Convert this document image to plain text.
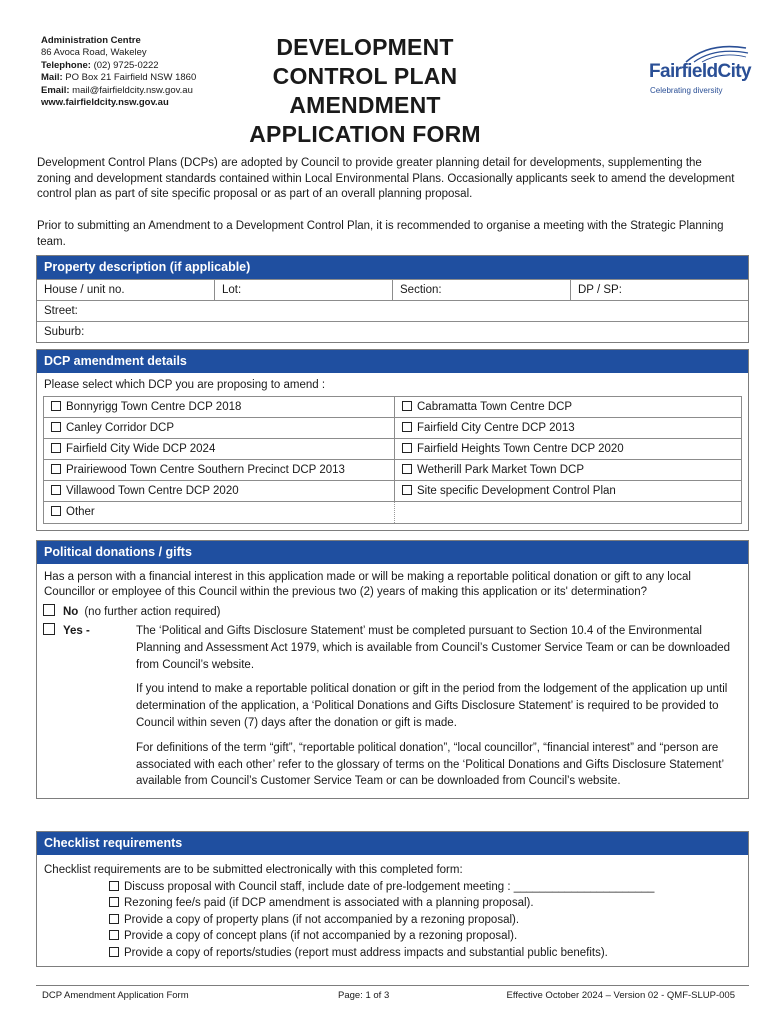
Administration Centre
86 Avoca Road, Wakeley
Telephone: (02) 9725-0222
Mail: PO Box 21 Fairfield NSW 1860
Email: mail@fairfieldcity.nsw.gov.au
www.fairfieldcity.nsw.gov.au
DEVELOPMENT
CONTROL PLAN
AMENDMENT
APPLICATION FORM
FairfieldCity
Celebrating diversity
Development Control Plans (DCPs) are adopted by Council to provide greater planning detail for developments, supplementing the zoning and development standards contained within Local Environmental Plans. Occasionally applicants seek to amend the development control plan as part of site specific proposal or as part of an overall planning proposal.
Prior to submitting an Amendment to a Development Control Plan, it is recommended to organise a meeting with the Strategic Planning team.
Property description (if applicable)
House / unit no.	Lot:	Section:	DP / SP:
Street:
Suburb:
DCP amendment details
Please select which DCP you are proposing to amend :
Bonnyrigg Town Centre DCP 2018	Cabramatta Town Centre DCP
Canley Corridor DCP	Fairfield City Centre DCP 2013
Fairfield City Wide DCP 2024	Fairfield Heights Town Centre DCP 2020
Prairiewood Town Centre Southern Precinct DCP 2013	Wetherill Park Market Town DCP
Villawood Town Centre DCP 2020	Site specific Development Control Plan
Other
Political donations / gifts
Has a person with a financial interest in this application made or will be making a reportable political donation or gift to any local Councillor or employee of this Council within the previous two (2) years of making this application or its' determination?
No (no further action required)
Yes -	The ‘Political and Gifts Disclosure Statement’ must be completed pursuant to Section 10.4 of the Environmental Planning and Assessment Act 1979, which is available from Council’s Customer Service Team or can be downloaded from Council’s website.

If you intend to make a reportable political donation or gift in the period from the lodgement of the application up until determination of the application, a ‘Political Donations and Gifts Disclosure Statement’ is required to be provided to Council within seven (7) days after the donation or gift is made.

For definitions of the term “gift”, “reportable political donation”, “local councillor”, “financial interest” and “person are associated with each other’ refer to the glossary of terms on the ‘Political Donations and Gifts Disclosure Statement’ available from Council’s Customer Service Team or can be downloaded from Council’s website.

Checklist requirements
Checklist requirements are to be submitted electronically with this completed form:
Discuss proposal with Council staff, include date of pre-lodgement meeting : ______________________
Rezoning fee/s paid (if DCP amendment is associated with a planning proposal).
Provide a copy of property plans (if not accompanied by a rezoning proposal).
Provide a copy of concept plans (if not accompanied by a rezoning proposal).
Provide a copy of reports/studies (report must address impacts and substantial public benefits).
DCP Amendment Application Form	Page: 1 of 3	Effective October 2024 – Version 02 - QMF-SLUP-005
